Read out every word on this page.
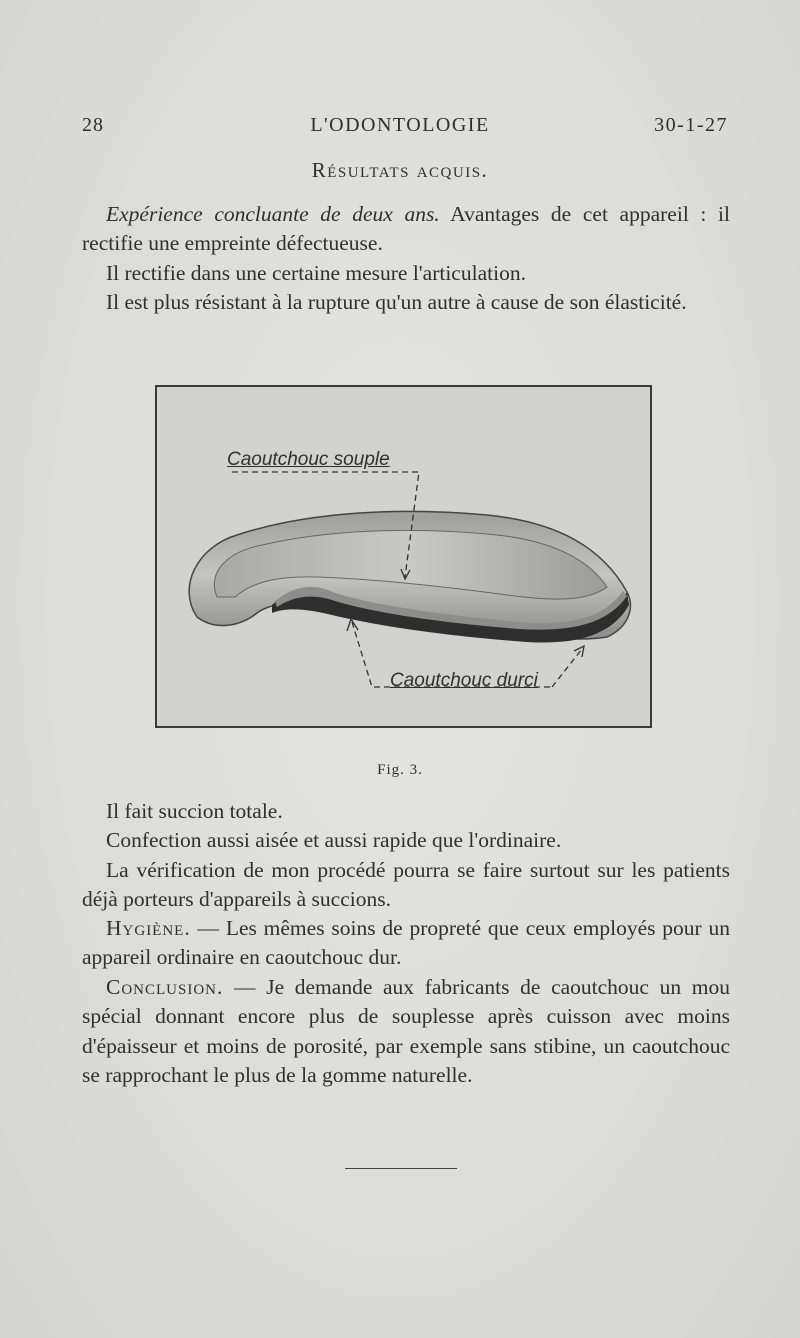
28	L'ODONTOLOGIE	30-1-27
Résultats acquis.

Expérience concluante de deux ans. Avantages de cet appareil : il rectifie une empreinte défectueuse.

Il rectifie dans une certaine mesure l'articulation.

Il est plus résistant à la rupture qu'un autre à cause de son élasticité.

Caoutchouc souple
Caoutchouc durci
Fig. 3.

Il fait succion totale.

Confection aussi aisée et aussi rapide que l'ordinaire.

La vérification de mon procédé pourra se faire surtout sur les patients déjà porteurs d'appareils à succions.

Hygiène. — Les mêmes soins de propreté que ceux employés pour un appareil ordinaire en caoutchouc dur.

Conclusion. — Je demande aux fabricants de caoutchouc un mou spécial donnant encore plus de souplesse après cuisson avec moins d'épaisseur et moins de porosité, par exemple sans stibine, un caoutchouc se rapprochant le plus de la gomme naturelle.
